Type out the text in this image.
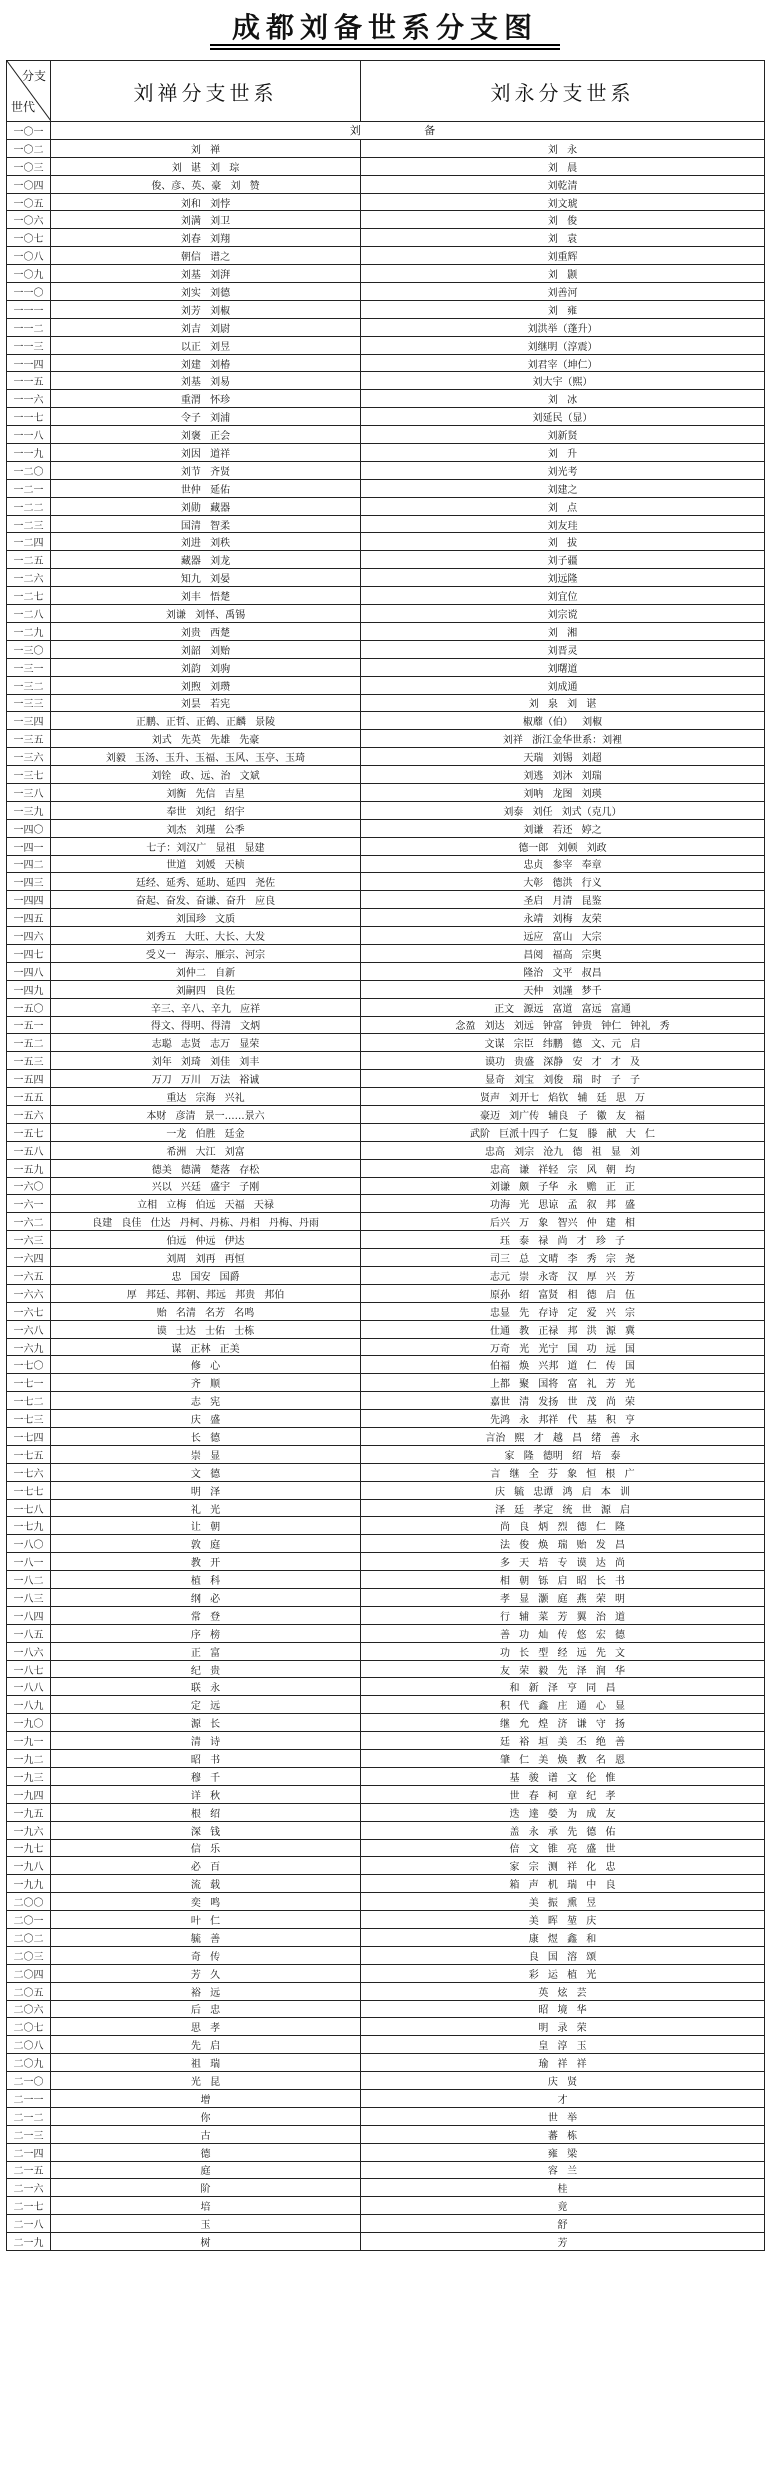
成都刘备世系分支图
分支
世代	刘禅分支世系	刘永分支世系
一〇一	刘 备	
一〇二	刘 禅	刘 永
一〇三	刘 谌 刘 琮	刘 晨
一〇四	俊、彦、英、豪 刘 赞	刘乾清
一〇五	刘和 刘悖	刘文琥
一〇六	刘满 刘卫	刘 俊
一〇七	刘春 刘翔	刘 袁
一〇八	朝信 谱之	刘重辉
一〇九	刘基 刘湃	刘 颢
一一〇	刘实 刘德	刘善河
一一一	刘芳 刘椒	刘 雍
一一二	刘吉 刘尉	刘洪举（蓬升）
一一三	以正 刘昱	刘继明（淳震）
一一四	刘建 刘椿	刘君宰（坤仁）
一一五	刘基 刘易	刘大宇（熙）
一一六	重渭 怀珍	刘 冰
一一七	令子 刘浦	刘延民（显）
一一八	刘褒 正会	刘新贤
一一九	刘因 道祥	刘 升
一二〇	刘节 齐贤	刘光考
一二一	世仲 延佑	刘建之
一二二	刘勋 藏器	刘 点
一二三	国清 智柔	刘友珪
一二四	刘进 刘秩	刘 拔
一二五	藏器 刘龙	刘子疆
一二六	知九 刘晏	刘远隆
一二七	刘丰 悟楚	刘宜位
一二八	刘谦 刘怿、禹锡	刘宗谠
一二九	刘贵 西楚	刘 湘
一三〇	刘韶 刘贻	刘晋灵
一三一	刘韵 刘驹	刘曙道
一三二	刘煦 刘瓒	刘成通
一三三	刘昙 若宪	刘 泉 刘 谌
一三四	正鹏、正哲、正鹤、正麟 景陵	椒蘼（伯） 刘椒
一三五	刘式 先英 先雄 先豪	刘祥 浙江金华世系：刘裡
一三六	刘毅 玉汤、玉升、玉福、玉风、玉亭、玉琦	天瑞 刘锡 刘超
一三七	刘铨 政、远、治 文斌	刘逃 刘沐 刘瑞
一三八	刘衡 先信 吉星	刘呐 龙图 刘瑛
一三九	奉世 刘纪 绍宇	刘泰 刘任 刘式（克几）
一四〇	刘杰 刘瑾 公季	刘谦 若还 婷之
一四一	七子：刘汉广 显祖 显建	德一郎 刘顿 刘政
一四二	世道 刘媛 天桢	忠贞 参宰 奉章
一四三	廷经、延秀、延助、延四 尧佐	大彰 德洪 行义
一四四	奋起、奋发、奋谦、奋升 应良	圣启 月清 昆鉴
一四五	刘国珍 文质	永靖 刘梅 友荣
一四六	刘秀五 大旺、大长、大发	远应 富山 大宗
一四七	受义一 海宗、雁宗、河宗	昌阅 福高 宗奥
一四八	刘仲二 自新	隆治 文平 叔昌
一四九	刘嗣四 良佐	天仲 刘謹 梦千
一五〇	辛三、辛八、辛九 应祥	正文 源远 富道 富远 富通
一五一	得文、得明、得清 文炳	念盈 刘达 刘远 钟富 钟贵 钟仁 钟礼 秀
一五二	志聪 志贤 志万 显荣	文谋 宗臣 纬鹏 德 文、元 启
一五三	刘年 刘琦 刘佳 刘丰	谟功 贵盛 深静 安 才 才 及
一五四	万刀 万川 万法 裕诚	显奇 刘宝 刘俊 瑞 时 子 子
一五五	重达 宗海 兴礼	贤声 刘开七 焰钦 辅 廷 思 万
一五六	本财 彦清 景一……景六	豪迈 刘广传 辅良 子 徽 友 福
一五七	一龙 伯胜 廷金	武阶 巨派十四子 仁复 滕 献 大 仁
一五八	希洲 大江 刘富	忠高 刘宗 沧九 德 祖 显 刘
一五九	德美 德满 楚落 存松	忠高 谦 祥轻 宗 风 朝 均
一六〇	兴以 兴廷 盛宇 子刚	刘谦 颇 子华 永 赡 正 正
一六一	立相 立梅 伯远 天福 天禄	功海 光 思谅 孟 叙 邦 盛
一六二	良建 良佳 仕达 丹柯、丹栋、丹相 丹梅、丹雨	后兴 万 象 智兴 仲 建 相
一六三	伯远 仲远 伊达	珏 泰 禄 尚 才 珍 子
一六四	刘周 刘再 再恒	司三 总 文晴 李 秀 宗 尧
一六五	忠 国安 国爵	志元 崇 永寄 汉 厚 兴 芳
一六六	厚 邦廷、邦朝、邦远 邦贵 邦伯	原孙 绍 富贤 相 德 启 伍
一六七	贻 名清 名芳 名鸣	忠显 先 存诗 定 爱 兴 宗
一六八	谟 士达 士佑 士栋	仕通 教 正禄 邦 洪 源 冀
一六九	谋 正林 正美	万奇 光 光宁 国 功 远 国
一七〇	修 心	伯福 焕 兴邦 道 仁 传 国
一七一	齐 顺	上都 聚 国将 富 礼 芳 光
一七二	志 宪	嘉世 清 发扬 世 茂 尚 荣
一七三	庆 盛	先鸿 永 邦祥 代 基 积 亨
一七四	长 德	言治 熙 才 越 昌 绪 善 永
一七五	崇 显	家 隆 德明 绍 培 泰
一七六	文 德	言 继 全 芬 象 恒 根 广
一七七	明 泽	庆 毓 忠谭 鸿 启 本 训
一七八	礼 光	泽 廷 孝定 统 世 源 启
一七九	让 朝	尚 良 炳 烈 德 仁 隆
一八〇	敦 庭	法 俊 焕 瑞 贻 发 昌
一八一	教 开	多 天 培 专 谟 达 尚
一八二	植 科	相 朝 铄 启 昭 长 书
一八三	纲 必	孝 显 灏 庭 燕 荣 明
一八四	常 登	行 辅 菜 芳 翼 治 道
一八五	序 榜	善 功 灿 传 悠 宏 德
一八六	正 富	功 长 型 经 远 先 文
一八七	纪 贵	友 荣 毅 先 泽 润 华
一八八	联 永	和 新 泽 亨 同 昌
一八九	定 远	积 代 鑫 庄 通 心 显
一九〇	源 长	继 允 煌 济 谦 守 扬
一九一	清 诗	廷 裕 垣 美 丕 绝 善
一九二	昭 书	肇 仁 美 焕 教 名 恩
一九三	穆 千	基 骏 谱 文 伦 惟
一九四	详 秋	世 春 柯 章 纪 孝
一九五	根 绍	迭 達 嫈 为 成 友
一九六	深 钱	盖 永 承 先 德 佑
一九七	信 乐	倍 文 锥 亮 盛 世
一九八	必 百	家 宗 测 祥 化 忠
一九九	流 载	箱 声 机 瑞 中 良
二〇〇	奕 鸣	美 振 熏 昱
二〇一	叶 仁	美 晖 堃 庆
二〇二	毓 善	康 煜 鑫 和
二〇三	奇 传	良 国 溶 颂
二〇四	芳 久	彩 运 植 光
二〇五	裕 远	英 炫 芸
二〇六	后 忠	昭 境 华
二〇七	思 孝	明 录 荣
二〇八	先 启	皇 淳 玉
二〇九	祖 瑞	瑜 祥 祥
二一〇	光 昆	庆 贤
二一一	增	才
二一二	你	世 举
二一三	古	蕃 栋
二一四	德	雍 梁
二一五	庭	容 兰
二一六	阶	桂
二一七	培	竟
二一八	玉	舒
二一九	树	芳
